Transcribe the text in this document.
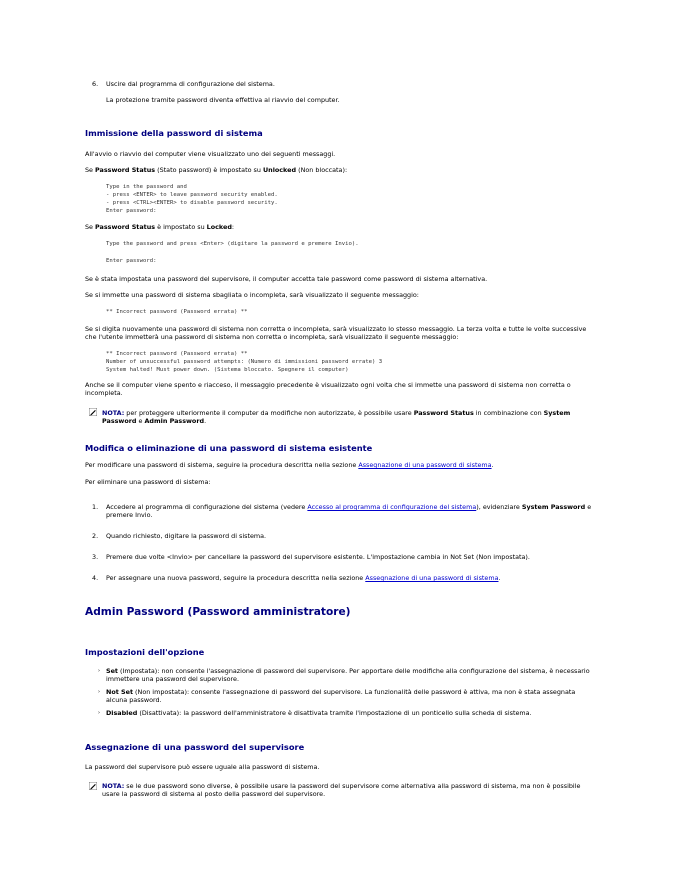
6. Uscire dal programma di configurazione del sistema.
La protezione tramite password diventa effettiva al riavvio del computer.
Immissione della password di sistema
All'avvio o riavvio del computer viene visualizzato uno dei seguenti messaggi.
Se Password Status (Stato password) è impostato su Unlocked (Non bloccata):
Type in the password and
- press <ENTER> to leave password security enabled.
- press <CTRL><ENTER> to disable password security.
Enter password:
Se Password Status è impostato su Locked:
Type the password and press <Enter> (digitare la password e premere Invio).
Enter password:
Se è stata impostata una password del supervisore, il computer accetta tale password come password di sistema alternativa.
Se si immette una password di sistema sbagliata o incompleta, sarà visualizzato il seguente messaggio:
** Incorrect password (Password errata) **
Se si digita nuovamente una password di sistema non corretta o incompleta, sarà visualizzato lo stesso messaggio. La terza volta e tutte le volte successive
che l'utente immetterà una password di sistema non corretta o incompleta, sarà visualizzato il seguente messaggio:
** Incorrect password (Password errata) **
Number of unsuccessful password attempts: (Numero di immissioni password errate) 3
System halted! Must power down. (Sistema bloccato. Spegnere il computer)
Anche se il computer viene spento e riacceso, il messaggio precedente è visualizzato ogni volta che si immette una password di sistema non corretta o
incompleta.
NOTA: per proteggere ulteriormente il computer da modifiche non autorizzate, è possibile usare Password Status in combinazione con System
Password e Admin Password.
Modifica o eliminazione di una password di sistema esistente
Per modificare una password di sistema, seguire la procedura descritta nella sezione Assegnazione di una password di sistema.
Per eliminare una password di sistema:
1. Accedere al programma di configurazione del sistema (vedere Accesso al programma di configurazione del sistema), evidenziare System Password e
premere Invio.
2. Quando richiesto, digitare la password di sistema.
3. Premere due volte <Invio> per cancellare la password del supervisore esistente. L'impostazione cambia in Not Set (Non impostata).
4. Per assegnare una nuova password, seguire la procedura descritta nella sezione Assegnazione di una password di sistema.
Admin Password (Password amministratore)
Impostazioni dell'opzione
› Set (Impostata): non consente l'assegnazione di password del supervisore. Per apportare delle modifiche alla configurazione del sistema, è necessario
immettere una password del supervisore.
› Not Set (Non impostata): consente l'assegnazione di password del supervisore. La funzionalità delle password è attiva, ma non è stata assegnata
alcuna password.
› Disabled (Disattivata): la password dell'amministratore è disattivata tramite l'impostazione di un ponticello sulla scheda di sistema.
Assegnazione di una password del supervisore
La password del supervisore può essere uguale alla password di sistema.
NOTA: se le due password sono diverse, è possibile usare la password del supervisore come alternativa alla password di sistema, ma non è possibile
usare la password di sistema al posto della password del supervisore.
